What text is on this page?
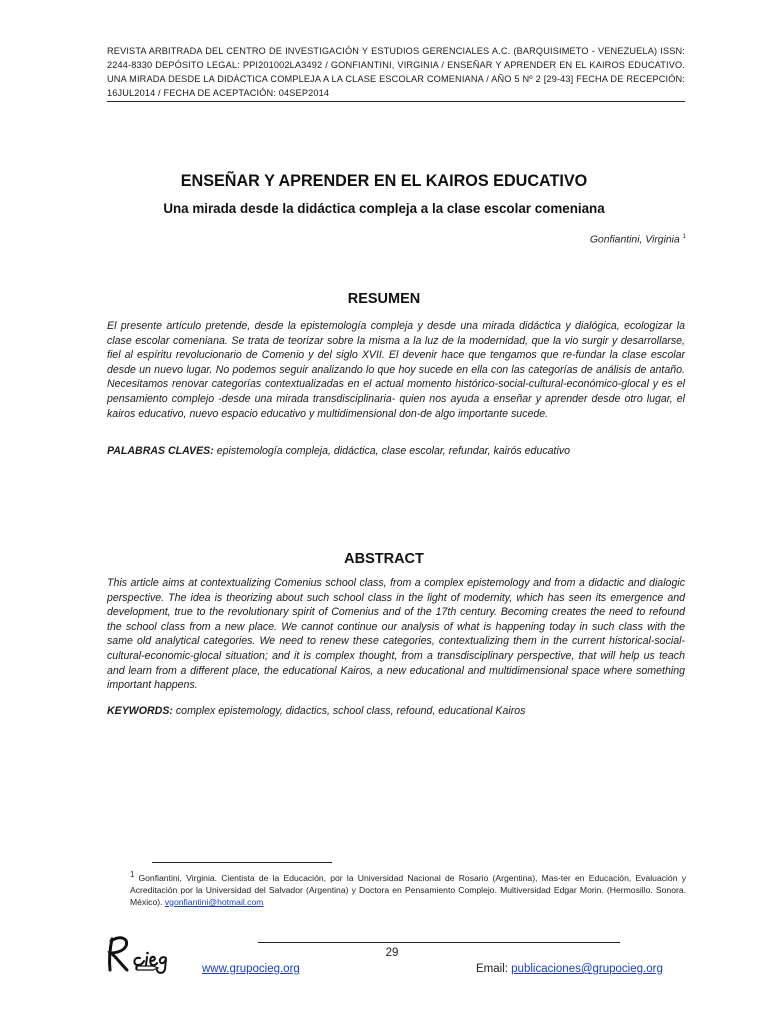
REVISTA ARBITRADA DEL CENTRO DE INVESTIGACIÓN Y ESTUDIOS GERENCIALES A.C. (BARQUISIMETO - VENEZUELA) ISSN: 2244-8330 DEPÓSITO LEGAL: PPI201002LA3492 / GONFIANTINI, VIRGINIA / ENSEÑAR Y APRENDER EN EL KAIROS EDUCATIVO. UNA MIRADA DESDE LA DIDÁCTICA COMPLEJA A LA CLASE ESCOLAR COMENIANA / AÑO 5 Nº 2 [29-43] FECHA DE RECEPCIÓN: 16JUL2014 / FECHA DE ACEPTACIÓN: 04SEP2014
ENSEÑAR Y APRENDER EN EL KAIROS EDUCATIVO
Una mirada desde la didáctica compleja a la clase escolar comeniana
Gonfiantini, Virginia $^1$
RESUMEN
El presente artículo pretende, desde la epistemología compleja y desde una mirada didáctica y dialógica, ecologizar la clase escolar comeniana. Se trata de teorizar sobre la misma a la luz de la modernidad, que la vio surgir y desarrollarse, fiel al espíritu revolucionario de Comenio y del siglo XVII. El devenir hace que tengamos que re-fundar la clase escolar desde un nuevo lugar. No podemos seguir analizando lo que hoy sucede en ella con las categorías de análisis de antaño. Necesitamos renovar categorías contextualizadas en el actual momento histórico-social-cultural-económico-glocal y es el pensamiento complejo -desde una mirada transdisciplinaria- quien nos ayuda a enseñar y aprender desde otro lugar, el kairos educativo, nuevo espacio educativo y multidimensional don-de algo importante sucede.
PALABRAS CLAVES: epistemología compleja, didáctica, clase escolar, refundar, kairós educativo
ABSTRACT
This article aims at contextualizing Comenius school class, from a complex epistemology and from a didactic and dialogic perspective. The idea is theorizing about such school class in the light of modernity, which has seen its emergence and development, true to the revolutionary spirit of Comenius and of the 17th century. Becoming creates the need to refound the school class from a new place. We cannot continue our analysis of what is happening today in such class with the same old analytical categories. We need to renew these categories, contextualizing them in the current historical-social-cultural-economic-glocal situation; and it is complex thought, from a transdisciplinary perspective, that will help us teach and learn from a different place, the educational Kairos, a new educational and multidimensional space where something important happens.
KEYWORDS: complex epistemology, didactics, school class, refound, educational Kairos
$^1$ Gonfiantini, Virginia. Cientista de la Educación, por la Universidad Nacional de Rosario (Argentina), Mas-ter en Educación, Evaluación y Acreditación por la Universidad del Salvador (Argentina) y Doctora en Pensamiento Complejo. Multiversidad Edgar Morin. (Hermosillo. Sonora. México). vgonfiantini@hotmail.com
29
www.grupocieg.org	Email: publicaciones@grupocieg.org
